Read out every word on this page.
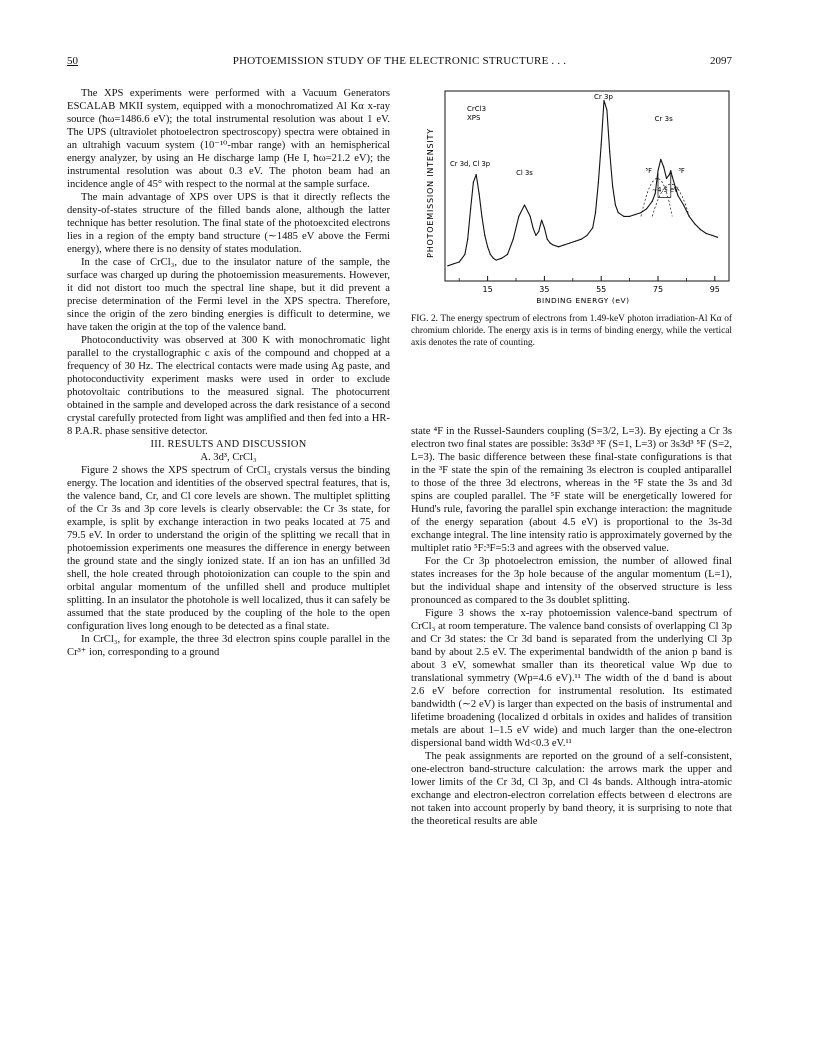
50	PHOTOEMISSION STUDY OF THE ELECTRONIC STRUCTURE . . .	2097

The XPS experiments were performed with a Vacuum Generators ESCALAB MKII system, equipped with a monochromatized Al Kα x-ray source (ħω=1486.6 eV); the total instrumental resolution was about 1 eV. The UPS (ultraviolet photoelectron spectroscopy) spectra were obtained in an ultrahigh vacuum system (10⁻¹⁰-mbar range) with an hemispherical energy analyzer, by using an He discharge lamp (He I, ħω=21.2 eV); the instrumental resolution was about 0.3 eV. The photon beam had an incidence angle of 45° with respect to the normal at the sample surface.

The main advantage of XPS over UPS is that it directly reflects the density-of-states structure of the filled bands alone, although the latter technique has better resolution. The final state of the photoexcited electrons lies in a region of the empty band structure (∼1485 eV above the Fermi energy), where there is no density of states modulation.

In the case of CrCl₃, due to the insulator nature of the sample, the surface was charged up during the photoemission measurements. However, it did not distort too much the spectral line shape, but it did prevent a precise determination of the Fermi level in the XPS spectra. Therefore, since the origin of the zero binding energies is difficult to determine, we have taken the origin at the top of the valence band.

Photoconductivity was observed at 300 K with monochromatic light parallel to the crystallographic c axis of the compound and chopped at a frequency of 30 Hz. The electrical contacts were made using Ag paste, and photoconductivity experiment masks were used in order to exclude photovoltaic contributions to the measured signal. The photocurrent obtained in the sample and developed across the dark resistance of a second crystal carefully protected from light was amplified and then fed into a HR-8 P.A.R. phase sensitive detector.

III. RESULTS AND DISCUSSION

A. 3d³, CrCl₃

Figure 2 shows the XPS spectrum of CrCl₃ crystals versus the binding energy. The location and identities of the observed spectral features, that is, the valence band, Cr, and Cl core levels are shown. The multiplet splitting of the Cr 3s and 3p core levels is clearly observable: the Cr 3s state, for example, is split by exchange interaction in two peaks located at 75 and 79.5 eV. In order to understand the origin of the splitting we recall that in photoemission experiments one measures the difference in energy between the ground state and the singly ionized state. If an ion has an unfilled 3d shell, the hole created through photoionization can couple to the spin and orbital angular momentum of the unfilled shell and produce multiplet splitting. In an insulator the photohole is well localized, thus it can safely be assumed that the state produced by the coupling of the hole to the open configuration lives long enough to be detected as a final state.

In CrCl₃, for example, the three 3d electron spins couple parallel in the Cr³⁺ ion, corresponding to a ground

15	35	55	75	95
CrCl3
XPS
Cr 3p
Cr 3s
Cr 3d, Cl 3p
Cl 3s	⁵F	³F
∼4.5 eV
PHOTOEMISSION INTENSITY
BINDING ENERGY (eV)
FIG. 2. The energy spectrum of electrons from 1.49-keV photon irradiation-Al Kα of chromium chloride. The energy axis is in terms of binding energy, while the vertical axis denotes the rate of counting.

state ⁴F in the Russel-Saunders coupling (S=3/2, L=3). By ejecting a Cr 3s electron two final states are possible: 3s3d³ ³F (S=1, L=3) or 3s3d³ ⁵F (S=2, L=3). The basic difference between these final-state configurations is that in the ³F state the spin of the remaining 3s electron is coupled antiparallel to those of the three 3d electrons, whereas in the ⁵F state the 3s and 3d spins are coupled parallel. The ⁵F state will be energetically lowered for Hund's rule, favoring the parallel spin exchange interaction: the magnitude of the energy separation (about 4.5 eV) is proportional to the 3s-3d exchange integral. The line intensity ratio is approximately governed by the multiplet ratio ⁵F:³F=5:3 and agrees with the observed value.

For the Cr 3p photoelectron emission, the number of allowed final states increases for the 3p hole because of the angular momentum (L=1), but the individual shape and intensity of the observed structure is less pronounced as compared to the 3s doublet splitting.

Figure 3 shows the x-ray photoemission valence-band spectrum of CrCl₃ at room temperature. The valence band consists of overlapping Cl 3p and Cr 3d states: the Cr 3d band is separated from the underlying Cl 3p band by about 2.5 eV. The experimental bandwidth of the anion p band is about 3 eV, somewhat smaller than its theoretical value Wp due to translational symmetry (Wp=4.6 eV).¹¹ The width of the d band is about 2.6 eV before correction for instrumental resolution. Its estimated bandwidth (∼2 eV) is larger than expected on the basis of instrumental and lifetime broadening (localized d orbitals in oxides and halides of transition metals are about 1–1.5 eV wide) and much larger than the one-electron dispersional band width Wd<0.3 eV.¹¹

The peak assignments are reported on the ground of a self-consistent, one-electron band-structure calculation: the arrows mark the upper and lower limits of the Cr 3d, Cl 3p, and Cl 4s bands. Although intra-atomic exchange and electron-electron correlation effects between d electrons are not taken into account properly by band theory, it is surprising to note that the theoretical results are able
